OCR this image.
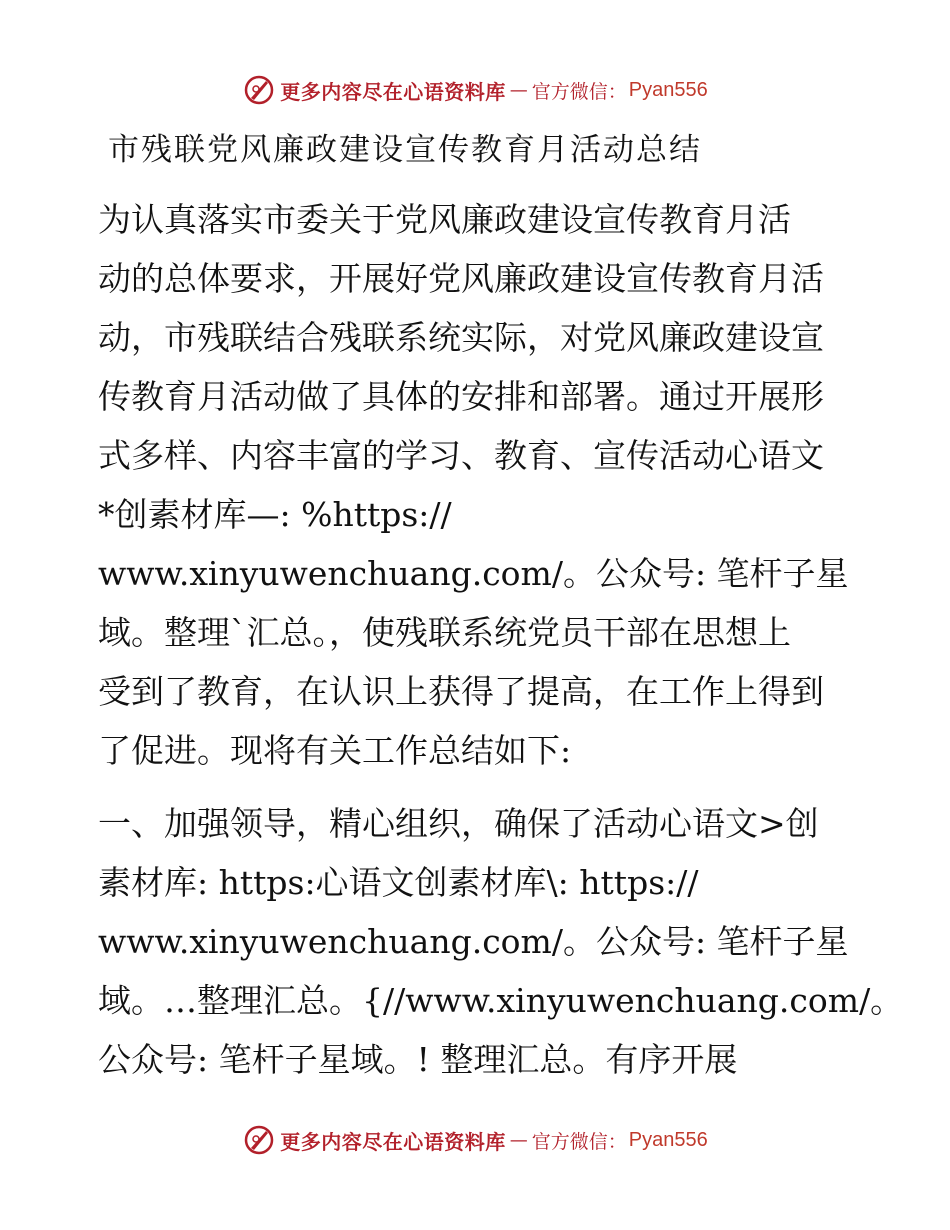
更多内容尽在心语资料库 — 官方微信： Pyan556
市残联党风廉政建设宣传教育月活动总结
为认真落实市委关于党风廉政建设宣传教育月活
动的总体要求，开展好党风廉政建设宣传教育月活
动，市残联结合残联系统实际，对党风廉政建设宣
传教育月活动做了具体的安排和部署。通过开展形
式多样、内容丰富的学习、教育、宣传活动心语文
*创素材库—: %https://
www.xinyuwenchuang.com/。公众号: 笔杆子星
域。整理`汇总。，使残联系统党员干部在思想上
受到了教育，在认识上获得了提高，在工作上得到
了促进。现将有关工作总结如下:
一、加强领导，精心组织，确保了活动心语文>创
素材库: https:心语文创素材库\: https://
www.xinyuwenchuang.com/。公众号: 笔杆子星
域。…整理汇总。{//www.xinyuwenchuang.com/。
公众号: 笔杆子星域。! 整理汇总。有序开展
更多内容尽在心语资料库 — 官方微信： Pyan556
